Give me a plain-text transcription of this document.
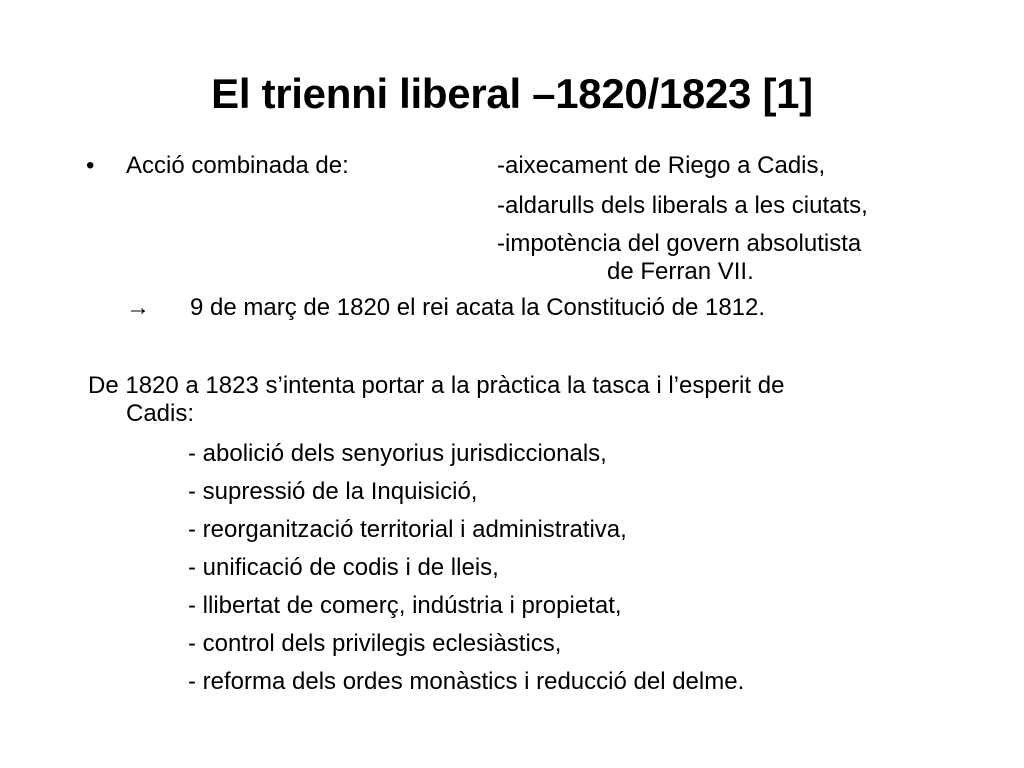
El trienni liberal –1820/1823 [1]
• Acció combinada de:	-aixecament de Riego a Cadis,
-aldarulls dels liberals a les ciutats,
-impotència del govern absolutista
de Ferran VII.
→ 9 de març de 1820 el rei acata la Constitució de 1812.
De 1820 a 1823 s’intenta portar a la pràctica la tasca i l’esperit de
Cadis:
- abolició dels senyorius jurisdiccionals,
- supressió de la Inquisició,
- reorganització territorial i administrativa,
- unificació de codis i de lleis,
- llibertat de comerç, indústria i propietat,
- control dels privilegis eclesiàstics,
- reforma dels ordes monàstics i reducció del delme.
